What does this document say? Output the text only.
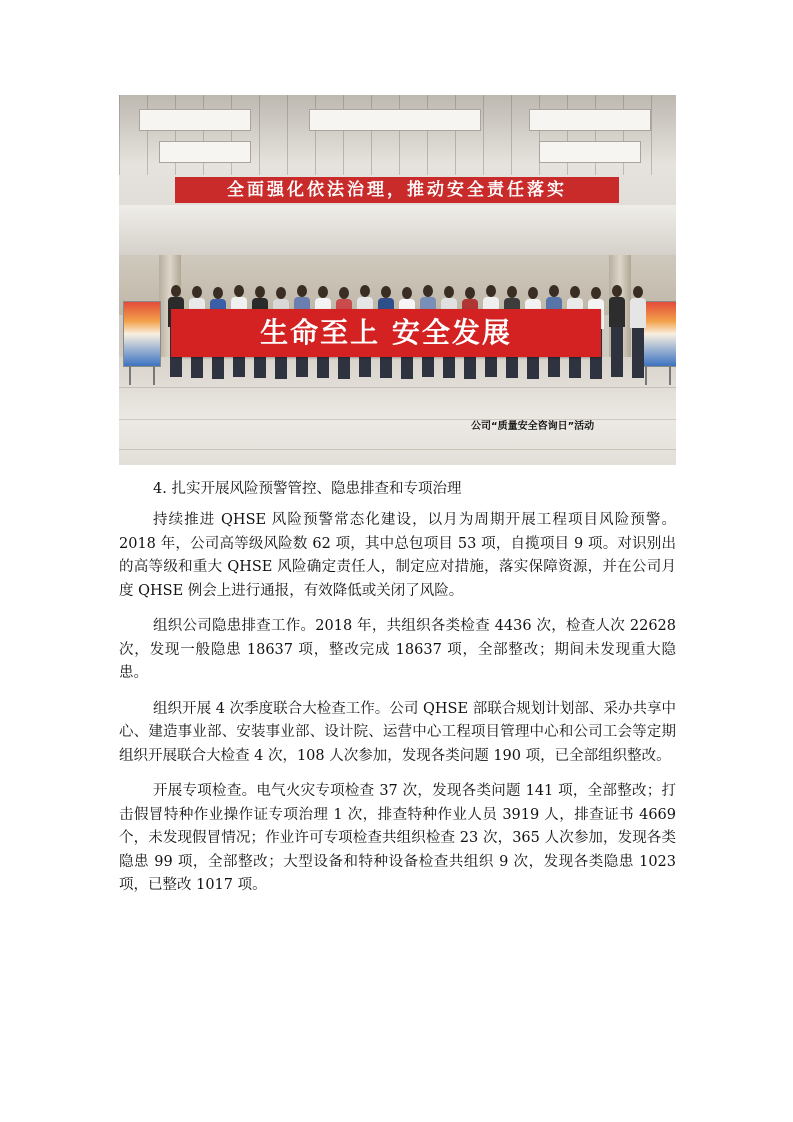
全面强化依法治理，推动安全责任落实
生命至上 安全发展
公司“质量安全咨询日”活动
4. 扎实开展风险预警管控、隐患排查和专项治理

持续推进 QHSE 风险预警常态化建设，以月为周期开展工程项目风险预警。2018 年，公司高等级风险数 62 项，其中总包项目 53 项，自揽项目 9 项。对识别出的高等级和重大 QHSE 风险确定责任人，制定应对措施，落实保障资源，并在公司月度 QHSE 例会上进行通报，有效降低或关闭了风险。

组织公司隐患排查工作。2018 年，共组织各类检查 4436 次，检查人次 22628 次，发现一般隐患 18637 项，整改完成 18637 项，全部整改；期间未发现重大隐患。

组织开展 4 次季度联合大检查工作。公司 QHSE 部联合规划计划部、采办共享中心、建造事业部、安装事业部、设计院、运营中心工程项目管理中心和公司工会等定期组织开展联合大检查 4 次，108 人次参加，发现各类问题 190 项，已全部组织整改。

开展专项检查。电气火灾专项检查 37 次，发现各类问题 141 项，全部整改；打击假冒特种作业操作证专项治理 1 次，排查特种作业人员 3919 人，排查证书 4669 个，未发现假冒情况；作业许可专项检查共组织检查 23 次，365 人次参加，发现各类隐患 99 项，全部整改；大型设备和特种设备检查共组织 9 次，发现各类隐患 1023 项，已整改 1017 项。
